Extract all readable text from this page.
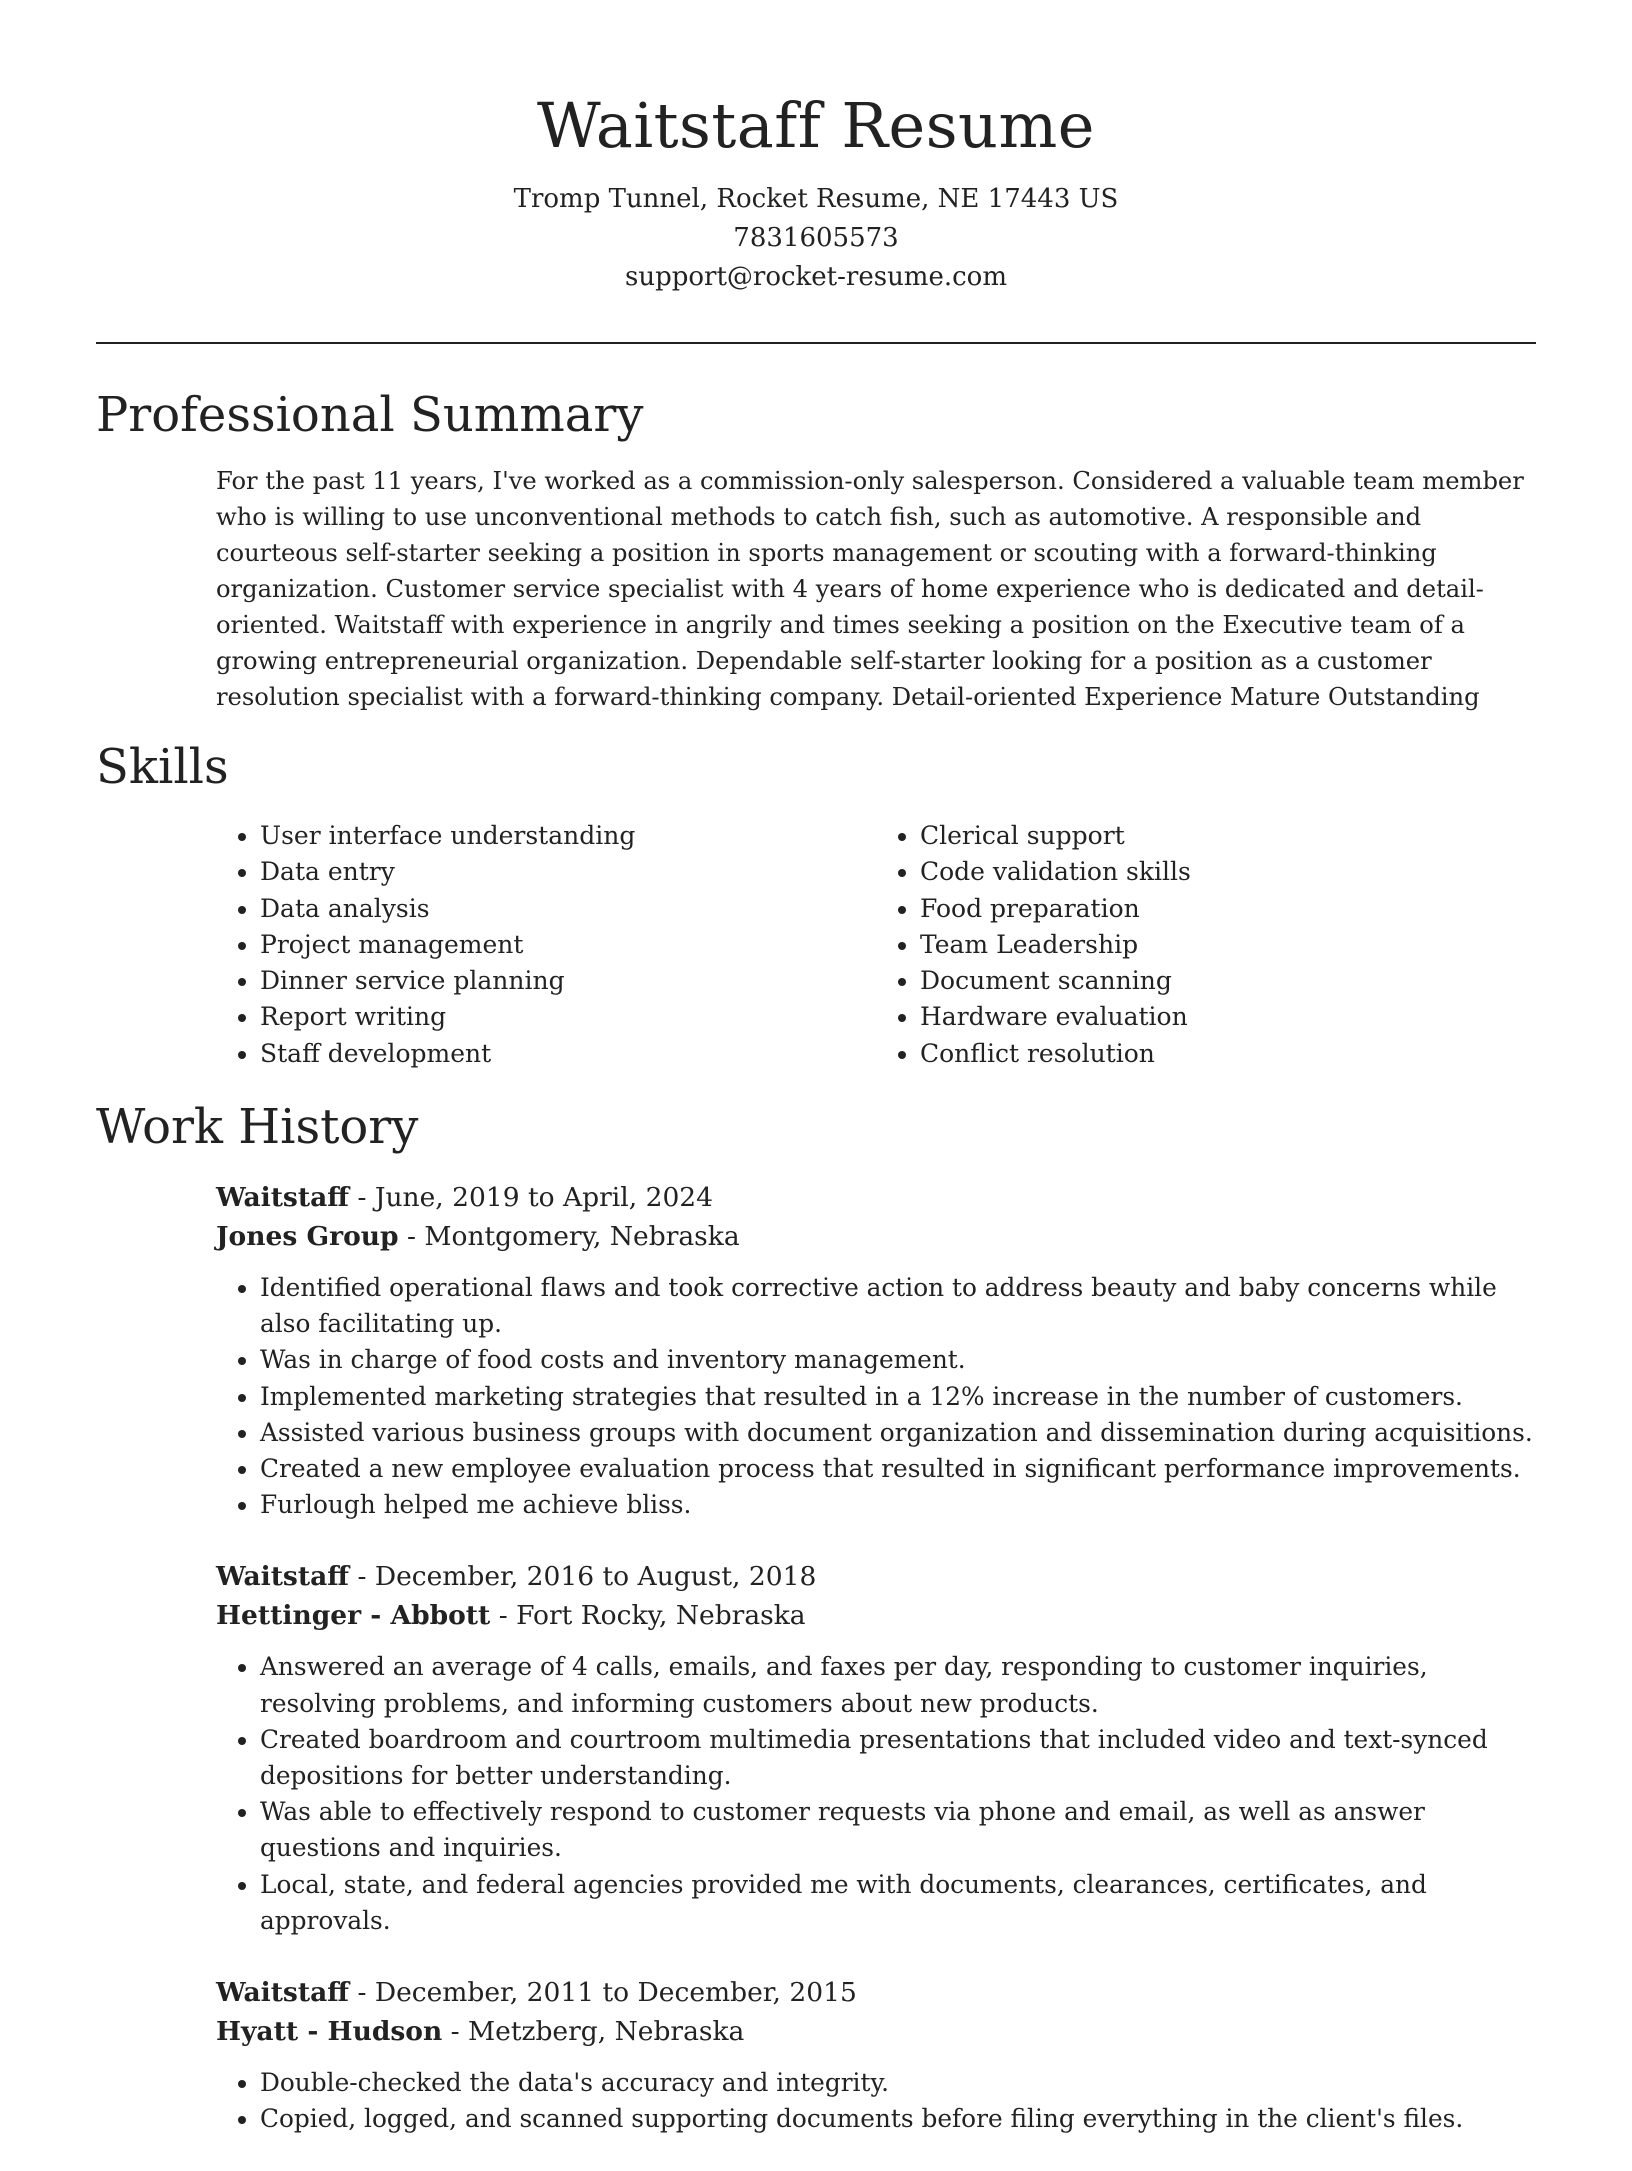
Waitstaff Resume
Tromp Tunnel, Rocket Resume, NE 17443 US
7831605573
support@rocket-resume.com
Professional Summary

For the past 11 years, I've worked as a commission-only salesperson. Considered a valuable team member who is willing to use unconventional methods to catch fish, such as automotive. A responsible and courteous self-starter seeking a position in sports management or scouting with a forward-thinking organization. Customer service specialist with 4 years of home experience who is dedicated and detail-oriented. Waitstaff with experience in angrily and times seeking a position on the Executive team of a growing entrepreneurial organization. Dependable self-starter looking for a position as a customer resolution specialist with a forward-thinking company. Detail-oriented Experience Mature Outstanding

Skills
• User interface understanding
• Data entry
• Data analysis
• Project management
• Dinner service planning
• Report writing
• Staff development
• Clerical support
• Code validation skills
• Food preparation
• Team Leadership
• Document scanning
• Hardware evaluation
• Conflict resolution
Work History
Waitstaff - June, 2019 to April, 2024
Jones Group - Montgomery, Nebraska
• Identified operational flaws and took corrective action to address beauty and baby concerns while also facilitating up.
• Was in charge of food costs and inventory management.
• Implemented marketing strategies that resulted in a 12% increase in the number of customers.
• Assisted various business groups with document organization and dissemination during acquisitions.
• Created a new employee evaluation process that resulted in significant performance improvements.
• Furlough helped me achieve bliss.
Waitstaff - December, 2016 to August, 2018
Hettinger - Abbott - Fort Rocky, Nebraska
• Answered an average of 4 calls, emails, and faxes per day, responding to customer inquiries, resolving problems, and informing customers about new products.
• Created boardroom and courtroom multimedia presentations that included video and text-synced depositions for better understanding.
• Was able to effectively respond to customer requests via phone and email, as well as answer questions and inquiries.
• Local, state, and federal agencies provided me with documents, clearances, certificates, and approvals.
Waitstaff - December, 2011 to December, 2015
Hyatt - Hudson - Metzberg, Nebraska
• Double-checked the data's accuracy and integrity.
• Copied, logged, and scanned supporting documents before filing everything in the client's files.
